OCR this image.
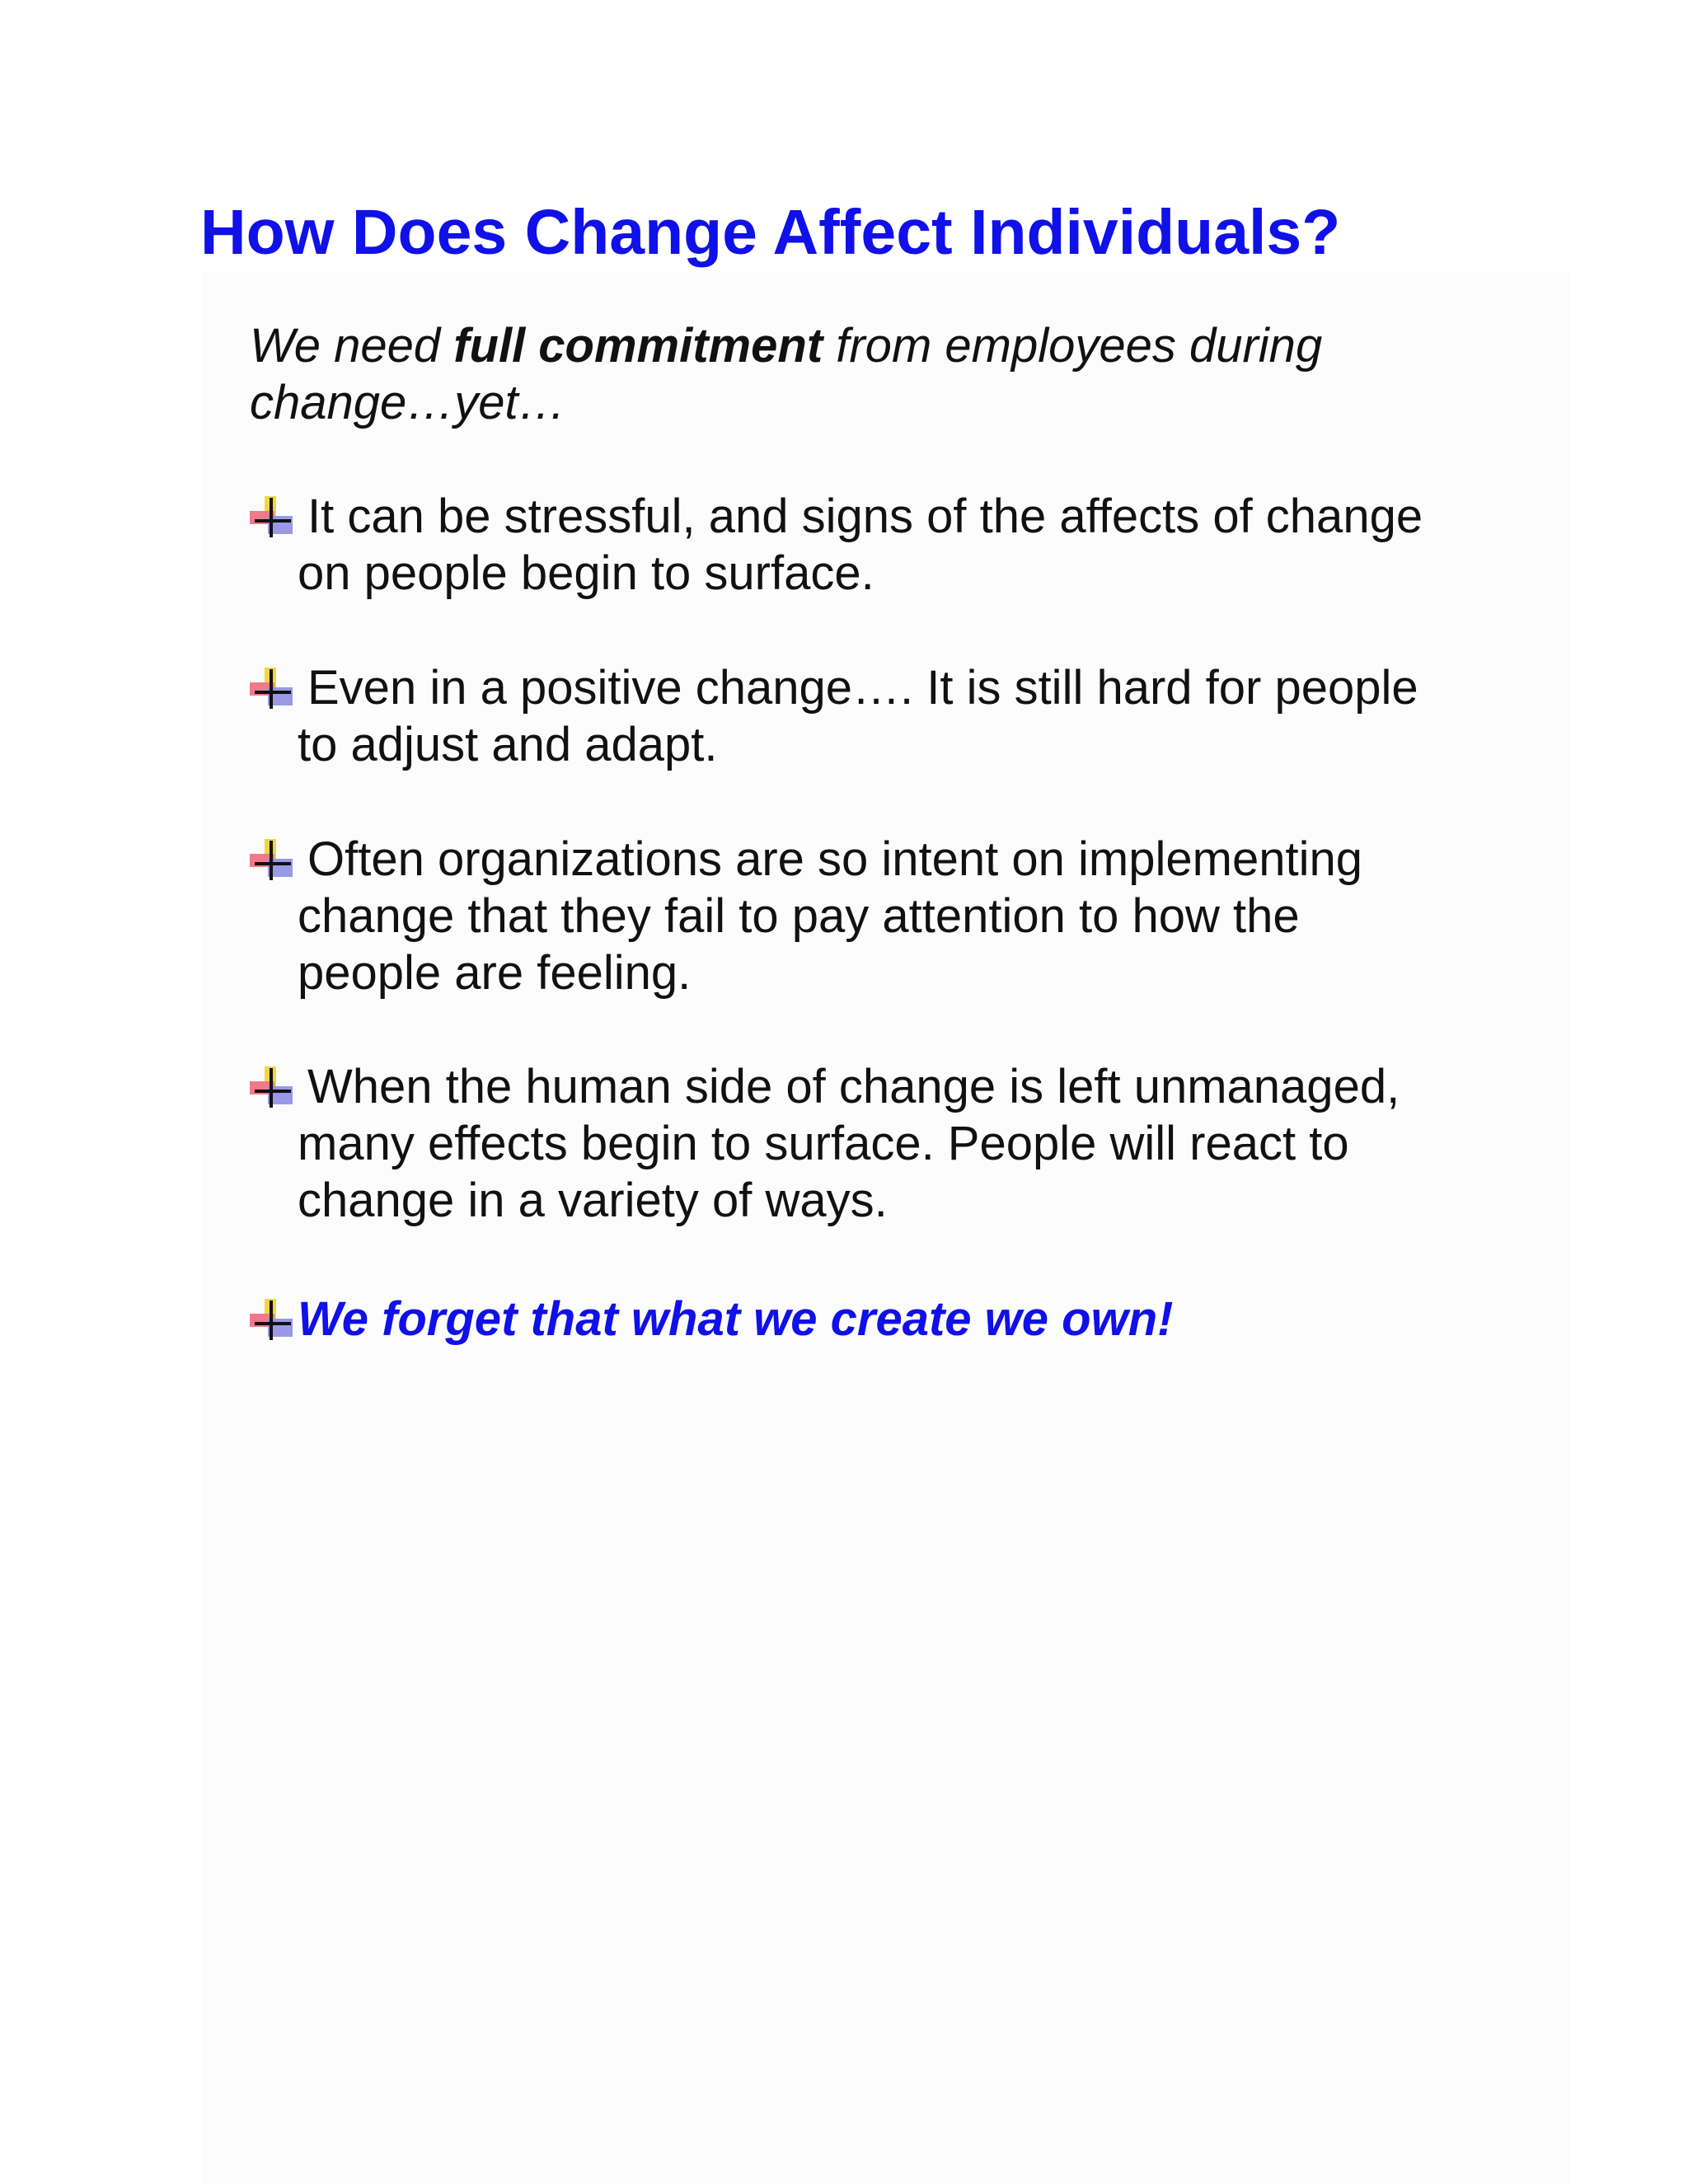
How Does Change Affect Individuals?

We need full commitment from employees during change…yet…

It can be stressful, and signs of the affects of change
on people begin to surface.
Even in a positive change…. It is still hard for people
to adjust and adapt.
Often organizations are so intent on implementing
change that they fail to pay attention to how the
people are feeling.
When the human side of change is left unmanaged,
many effects begin to surface. People will react to
change in a variety of ways.
We forget that what we create we own!
